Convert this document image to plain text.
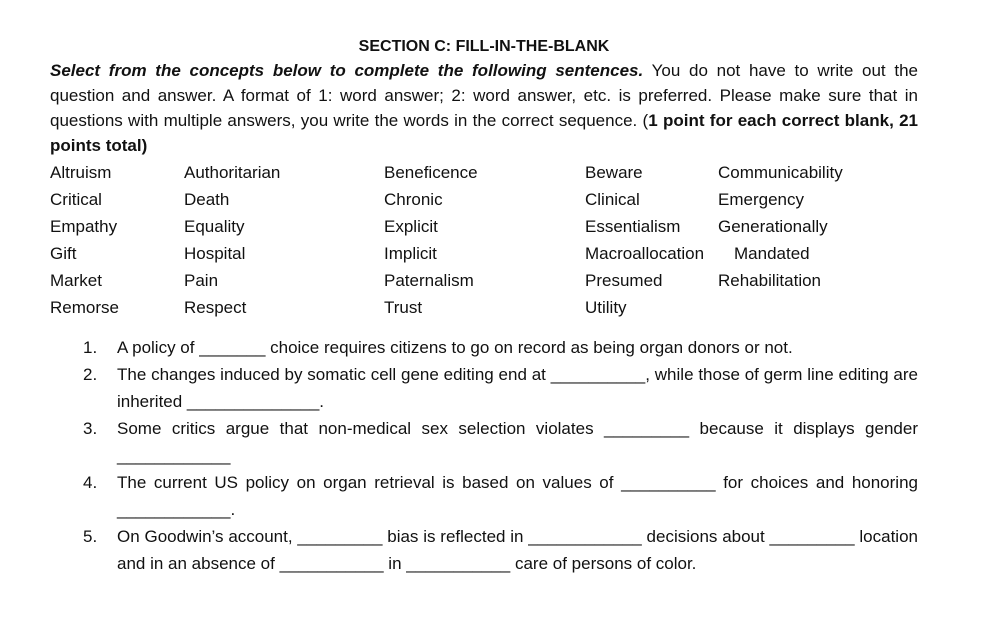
SECTION C: FILL-IN-THE-BLANK

Select from the concepts below to complete the following sentences. You do not have to write out the question and answer. A format of 1: word answer; 2: word answer, etc. is preferred. Please make sure that in questions with multiple answers, you write the words in the correct sequence. (1 point for each correct blank, 21 points total)

Altruism
Critical
Empathy
Gift
Market
Remorse
Authoritarian
Death
Equality
Hospital
Pain
Respect
Beneficence
Chronic
Explicit
Implicit
Paternalism
Trust
Beware
Clinical
Essentialism
Macroallocation
Presumed
Utility
Communicability
Emergency
Generationally
Mandated
Rehabilitation
1. A policy of _______ choice requires citizens to go on record as being organ donors or not.
2. The changes induced by somatic cell gene editing end at __________, while those of germ line editing are inherited ______________.
3. Some critics argue that non-medical sex selection violates _________ because it displays gender ____________
4. The current US policy on organ retrieval is based on values of __________ for choices and honoring ____________.
5. On Goodwin’s account, _________ bias is reflected in ____________ decisions about _________ location and in an absence of ___________ in ___________ care of persons of color.
